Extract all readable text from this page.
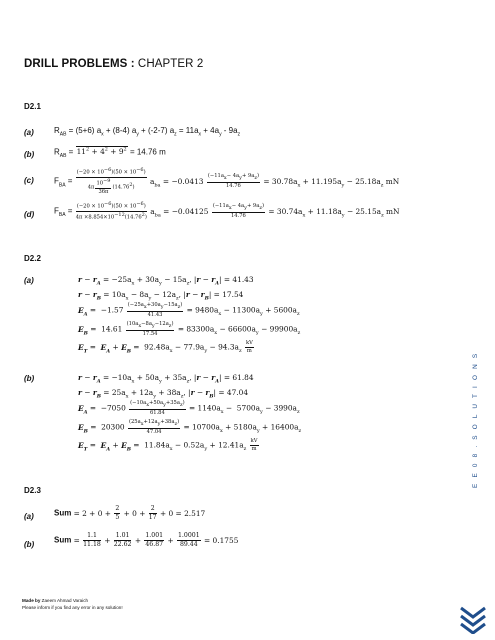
DRILL PROBLEMS : CHAPTER 2
D2.1
(a)	$R_{AB} = (5+6) a_x + (8-4) a_y + (-2-7) a_z = 11a_x + 4a_y - 9a_z$
(b) $R_{AB} = 11^2 + 4^2 + 9^2 = 14.76$ m
(c)	$F_{BA} = \frac{(-20 \times 10^{-6})(50 \times 10^{-6})}{4\pi \frac{10^{-9}}{36\pi} (14.76^2)} a_{ba} = -0.0413 \frac{(-11a_x- 4a_y+ 9a_z)}{14.76} = 30.78a_x + 11.195a_y - 25.18a_z$ mN
(d) $F_{BA} = \frac{(-20 \times 10^{-6})(50 \times 10^{-6})}{4\pi \times 8.854\times 10^{-12}(14.76^2)} a_{ba} = -0.04125 \frac{(-11a_x- 4a_y+ 9a_z)}{14.76} = 30.74a_x + 11.18a_y - 25.15a_z$ mN
D2.2
(a)	$r - r_A = -25a_x + 30a_y - 15a_z$, $|r - r_A| = 41.43$
$r - r_B = 10a_x - 8a_y - 12a_z$, $|r - r_B| = 17.54$
$E_A = -1.57 \frac{(-25a_x+30a_y-15a_z)}{41.43} = 9480a_x - 11300a_y + 5600a_z$
$E_B = 14.61 \frac{(10a_x-8a_y-12a_z)}{17.54} = 83300a_x - 66600a_y - 99900a_z$
$E_T = E_A + E_B = 92.48a_x - 77.9a_y - 94.3a_z \frac{kV}{m}$
(b)	$r - r_A = -10a_x + 50a_y + 35a_z$, $|r - r_A| = 61.84$
$r - r_B = 25a_x + 12a_y + 38a_z$, $|r - r_B| = 47.04$
$E_A = -7050 \frac{(-10a_x+50a_y+35a_z)}{61.84} = 1140a_x - 5700a_y - 3990a_z$
$E_B = 20300 \frac{(25a_x+12a_y+38a_z)}{47.04} = 10700a_x + 5180a_y + 16400a_z$
$E_T = E_A + E_B = 11.84a_x - 0.52a_y + 12.41a_z \frac{kV}{m}$
D2.3
(a)	Sum = $2 + 0 + \frac{2}{5} + 0 + \frac{2}{17} + 0 = 2.517$
(b) Sum = $\frac{1.1}{11.18} + \frac{1.01}{22.62} + \frac{1.001}{46.87} + \frac{1.0001}{89.44} = 0.1755$
Made by Zaeem Ahmad Varaich
Please inform if you find any error in any solution!
E E 0 8 . S O L U T I O N S
